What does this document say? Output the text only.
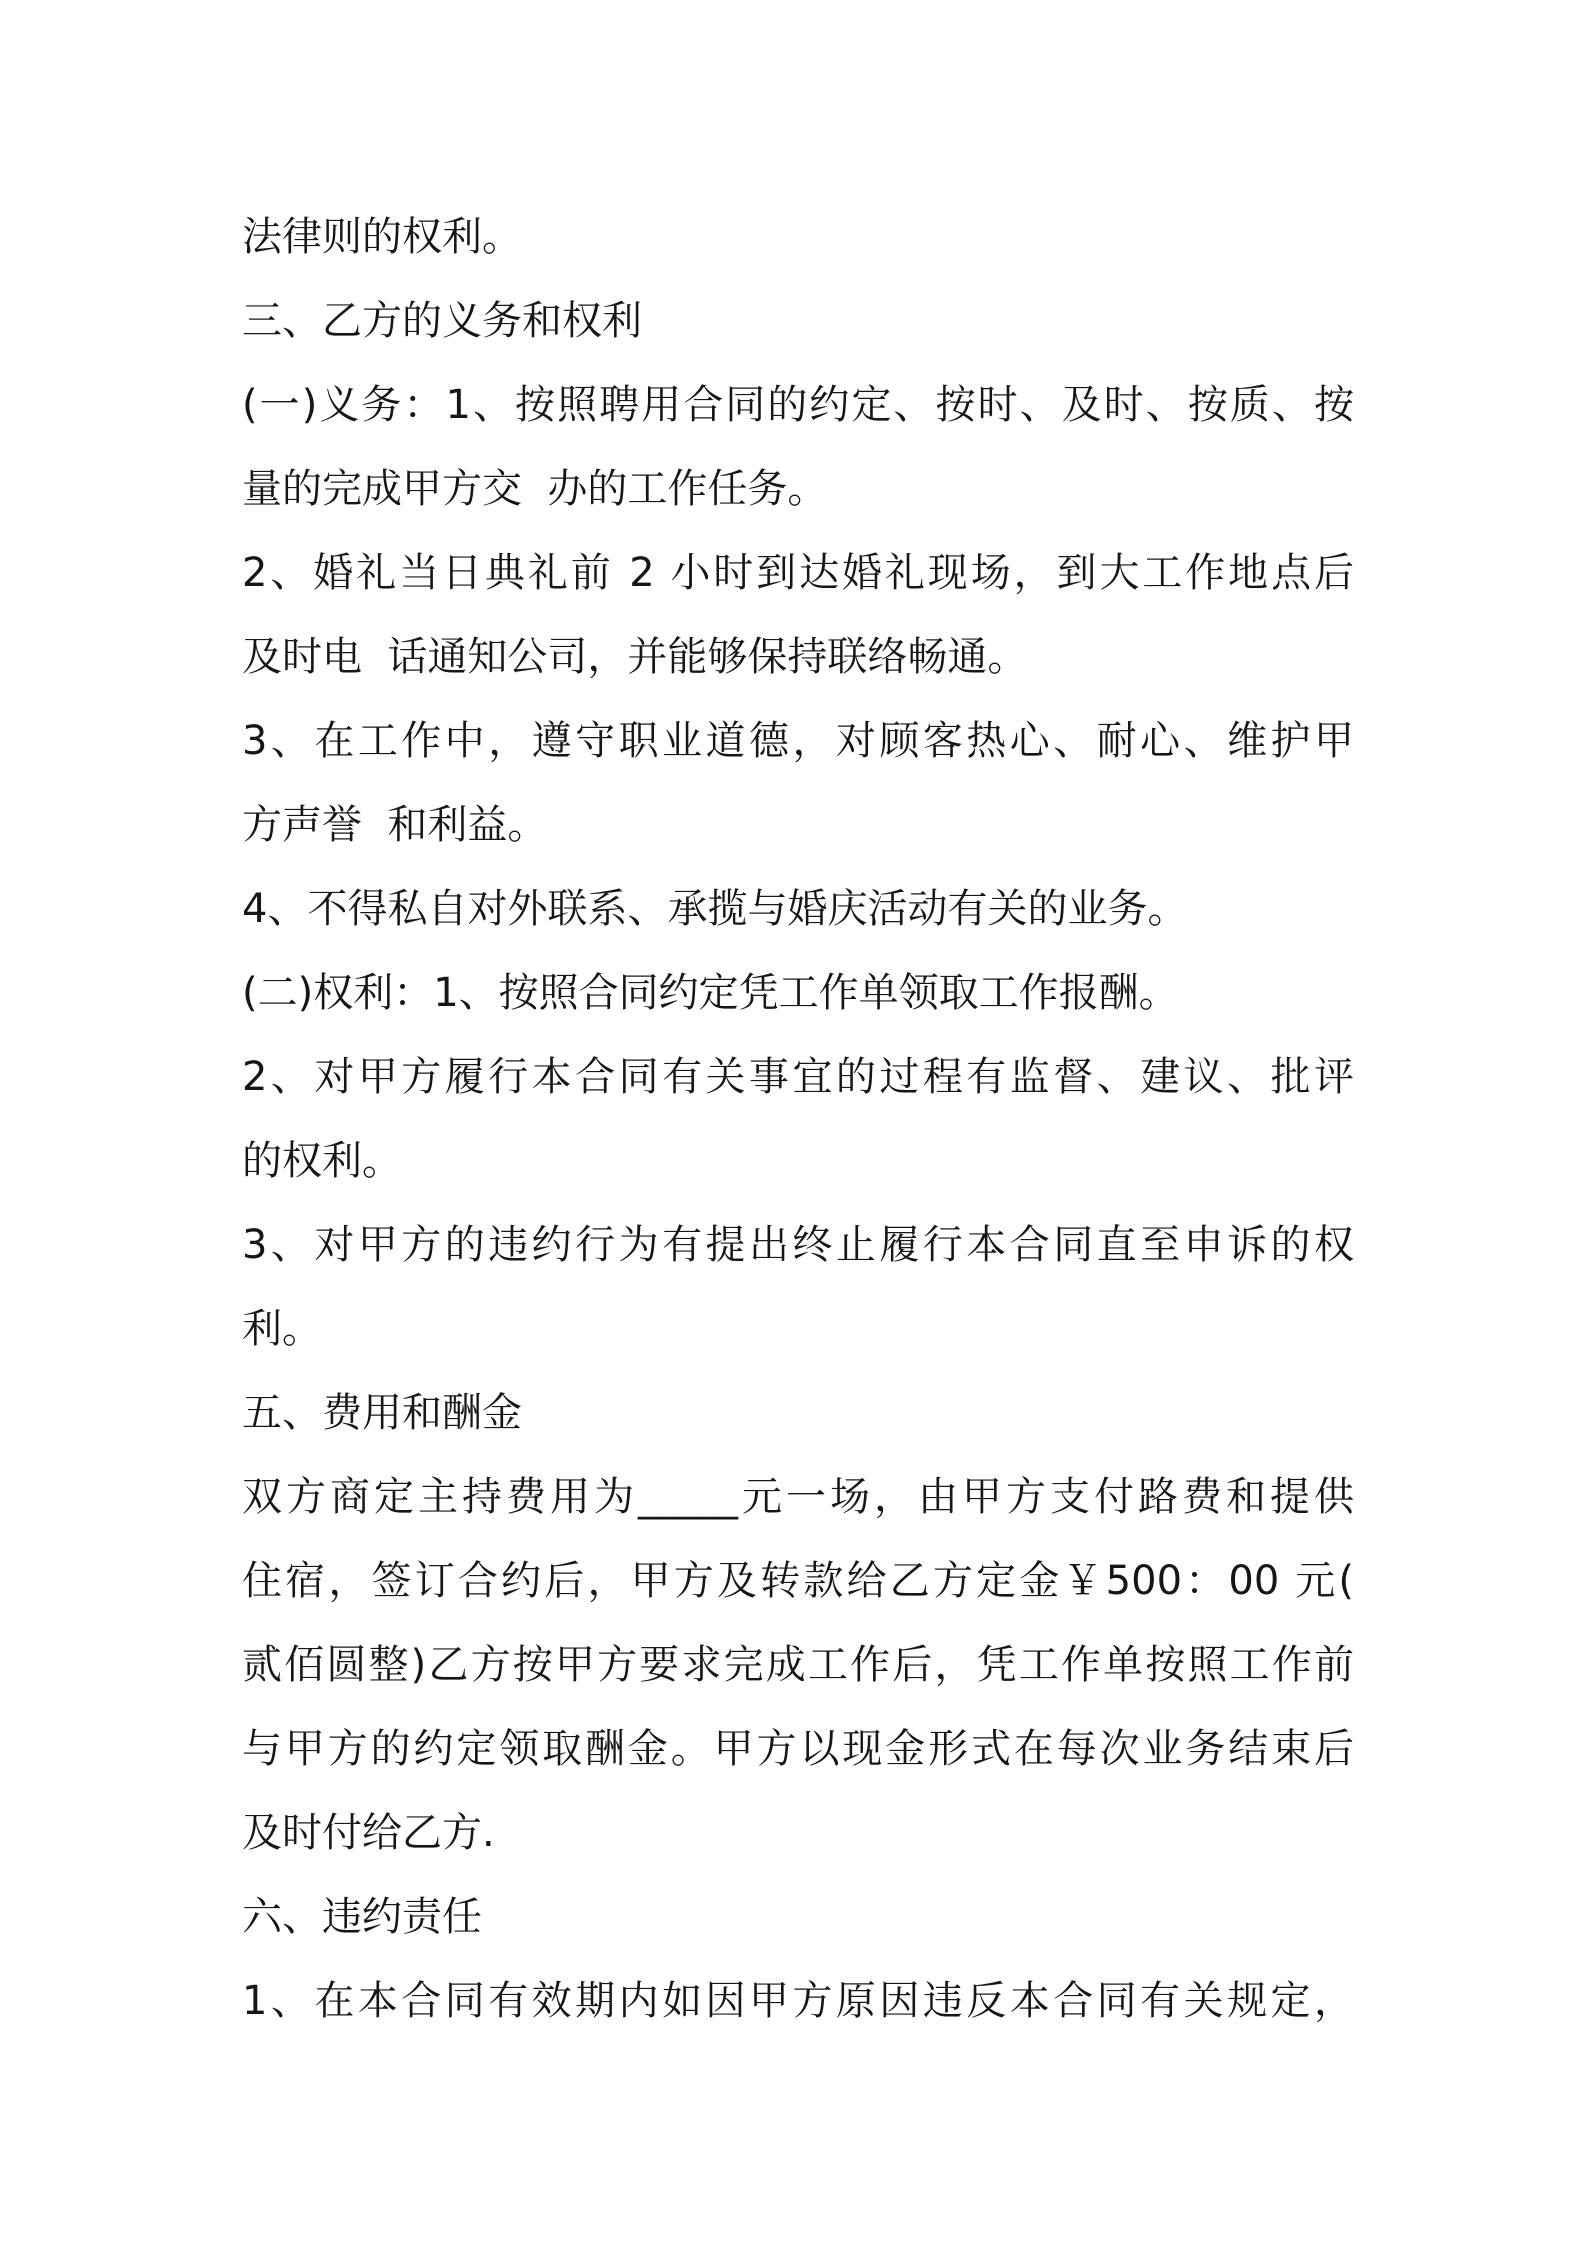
法律则的权利。
三、乙方的义务和权利
(一)义务：1、按照聘用合同的约定、按时、及时、按质、按
量的完成甲方交  办的工作任务。
2、婚礼当日典礼前 2 小时到达婚礼现场，到大工作地点后
及时电  话通知公司，并能够保持联络畅通。
3、在工作中，遵守职业道德，对顾客热心、耐心、维护甲
方声誉  和利益。
4、不得私自对外联系、承揽与婚庆活动有关的业务。
(二)权利：1、按照合同约定凭工作单领取工作报酬。
2、对甲方履行本合同有关事宜的过程有监督、建议、批评
的权利。
3、对甲方的违约行为有提出终止履行本合同直至申诉的权
利。
五、费用和酬金
双方商定主持费用为_____元一场，由甲方支付路费和提供
住宿，签订合约后，甲方及转款给乙方定金￥500：00 元(
贰佰圆整)乙方按甲方要求完成工作后，凭工作单按照工作前
与甲方的约定领取酬金。甲方以现金形式在每次业务结束后
及时付给乙方.
六、违约责任
1、在本合同有效期内如因甲方原因违反本合同有关规定，
